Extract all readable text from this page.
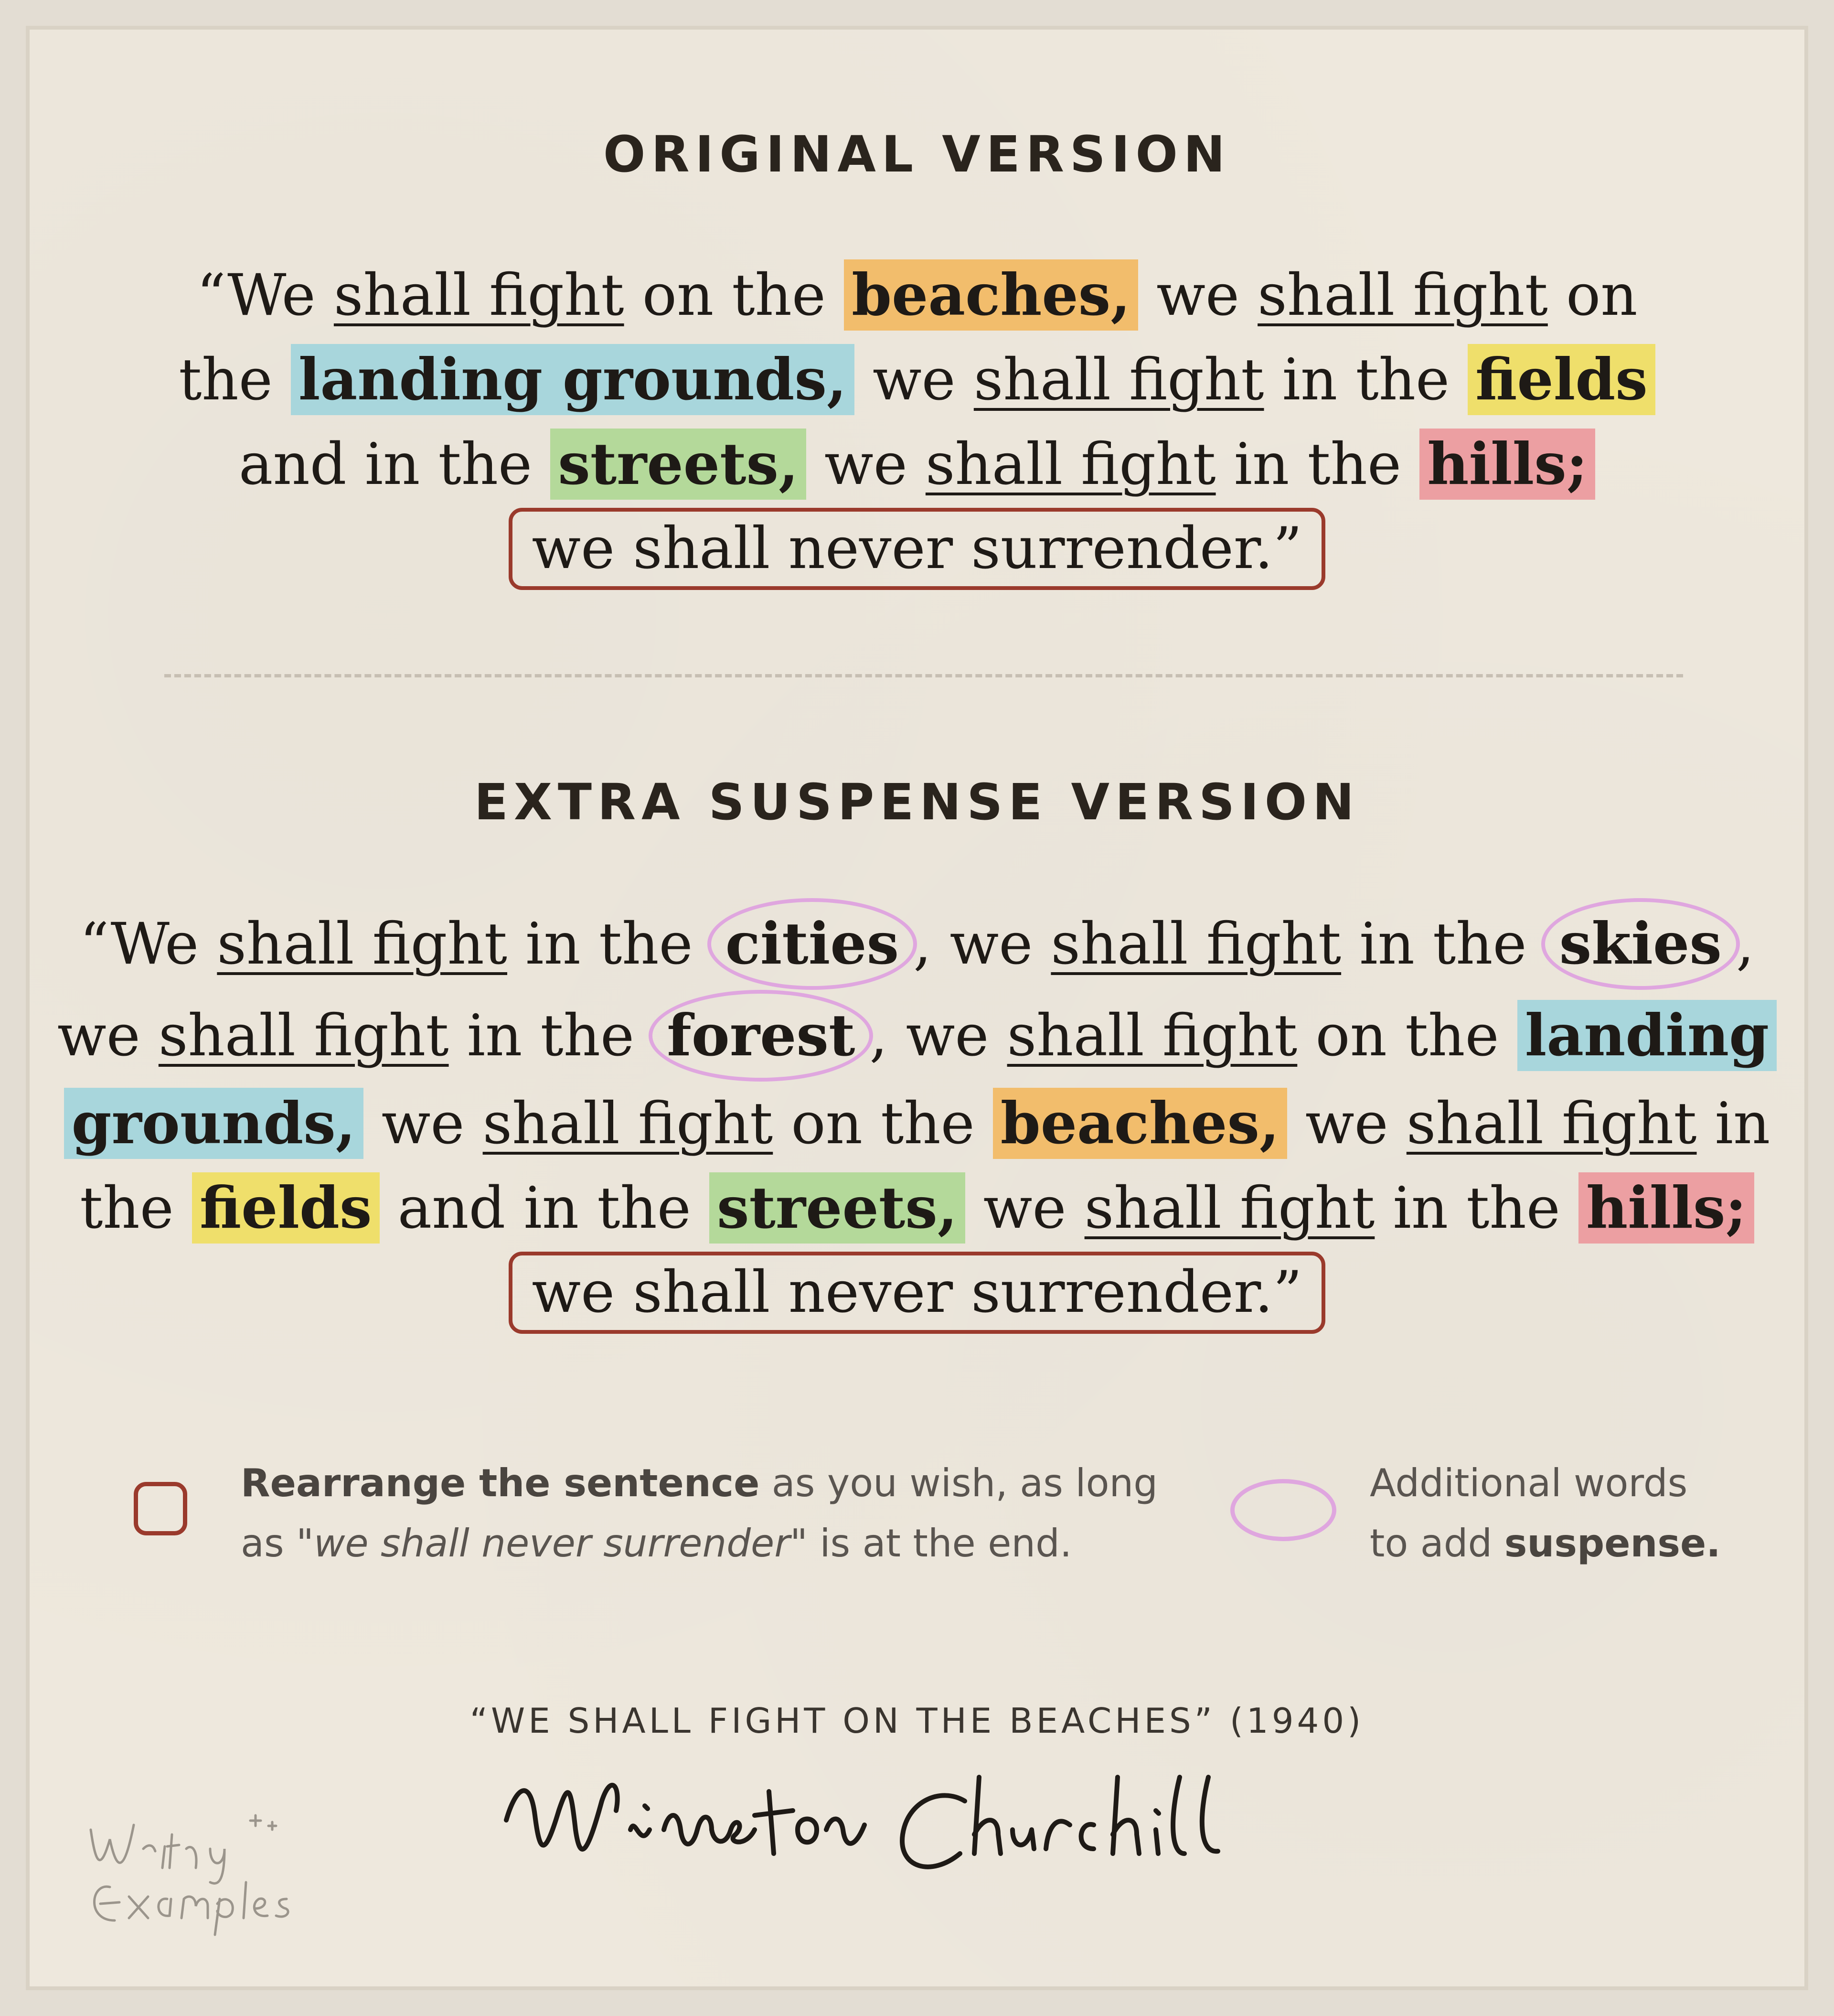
ORIGINAL VERSION
“We shall fight on the beaches, we shall fight on
the landing grounds, we shall fight in the fields
and in the streets, we shall fight in the hills;
we shall never surrender.”
EXTRA SUSPENSE VERSION
“We shall fight in the cities , we shall fight in the skies ,
we shall fight in the forest , we shall fight on the landing
grounds, we shall fight on the beaches, we shall fight in
the fields and in the streets, we shall fight in the hills;
we shall never surrender.”
Rearrange the sentence as you wish, as long
as "we shall never surrender" is at the end.
Additional words
to add suspense.
“WE SHALL FIGHT ON THE BEACHES” (1940)
